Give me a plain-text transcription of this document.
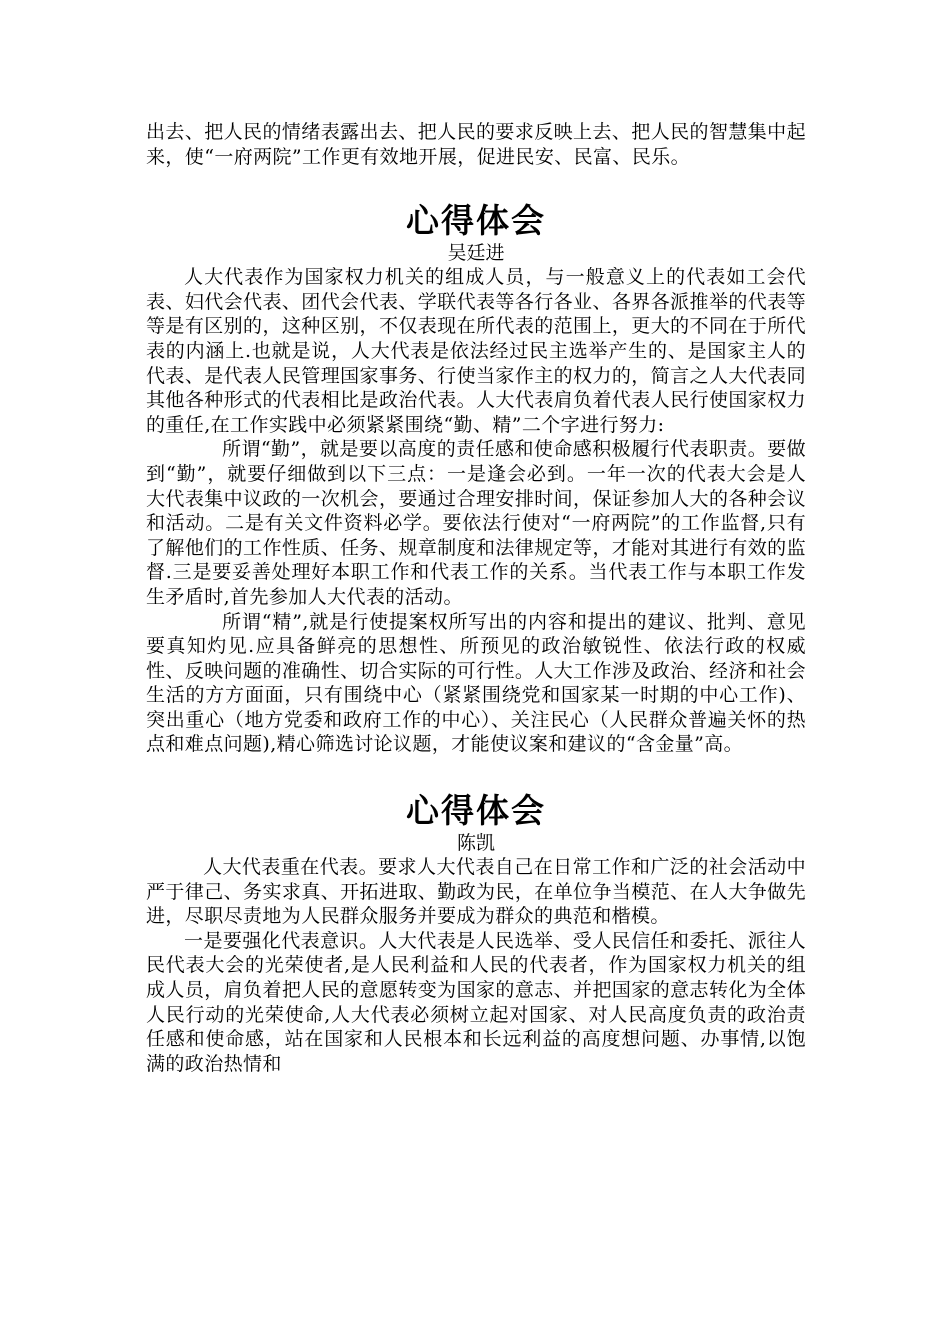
出去、把人民的情绪表露出去、把人民的要求反映上去、把人民的智慧集中起来，使“一府两院”工作更有效地开展，促进民安、民富、民乐。

心得体会
吴廷进

人大代表作为国家权力机关的组成人员，与一般意义上的代表如工会代表、妇代会代表、团代会代表、学联代表等各行各业、各界各派推举的代表等等是有区别的，这种区别，不仅表现在所代表的范围上，更大的不同在于所代表的内涵上.也就是说，人大代表是依法经过民主选举产生的、是国家主人的代表、是代表人民管理国家事务、行使当家作主的权力的，简言之人大代表同其他各种形式的代表相比是政治代表。人大代表肩负着代表人民行使国家权力的重任,在工作实践中必须紧紧围绕“勤、精”二个字进行努力:

所谓“勤”，就是要以高度的责任感和使命感积极履行代表职责。要做到“勤”，就要仔细做到以下三点：一是逢会必到。一年一次的代表大会是人大代表集中议政的一次机会，要通过合理安排时间，保证参加人大的各种会议和活动。二是有关文件资料必学。要依法行使对“一府两院”的工作监督,只有了解他们的工作性质、任务、规章制度和法律规定等，才能对其进行有效的监督.三是要妥善处理好本职工作和代表工作的关系。当代表工作与本职工作发生矛盾时,首先参加人大代表的活动。

所谓“精”,就是行使提案权所写出的内容和提出的建议、批判、意见要真知灼见.应具备鲜亮的思想性、所预见的政治敏锐性、依法行政的权威性、反映问题的准确性、切合实际的可行性。人大工作涉及政治、经济和社会生活的方方面面，只有围绕中心（紧紧围绕党和国家某一时期的中心工作)、突出重心（地方党委和政府工作的中心）、关注民心（人民群众普遍关怀的热点和难点问题),精心筛选讨论议题，才能使议案和建议的“含金量”高。

心得体会
陈凯

人大代表重在代表。要求人大代表自己在日常工作和广泛的社会活动中严于律己、务实求真、开拓进取、勤政为民，在单位争当模范、在人大争做先进，尽职尽责地为人民群众服务并要成为群众的典范和楷模。

一是要强化代表意识。人大代表是人民选举、受人民信任和委托、派往人民代表大会的光荣使者,是人民利益和人民的代表者，作为国家权力机关的组成人员，肩负着把人民的意愿转变为国家的意志、并把国家的意志转化为全体人民行动的光荣使命,人大代表必须树立起对国家、对人民高度负责的政治责任感和使命感，站在国家和人民根本和长远利益的高度想问题、办事情,以饱满的政治热情和
